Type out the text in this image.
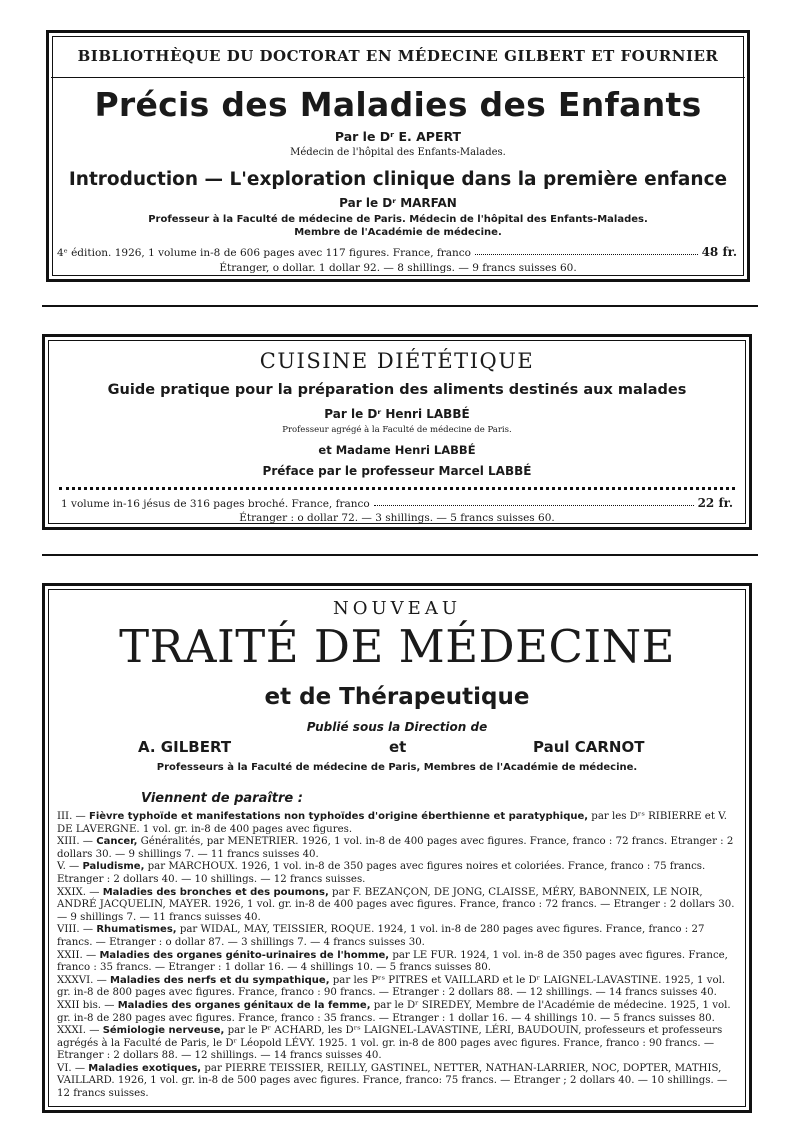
BIBLIOTHÈQUE DU DOCTORAT EN MÉDECINE GILBERT ET FOURNIER
Précis des Maladies des Enfants
Par le Dʳ E. APERT
Médecin de l'hôpital des Enfants-Malades.
Introduction — L'exploration clinique dans la première enfance
Par le Dʳ MARFAN
Professeur à la Faculté de médecine de Paris. Médecin de l'hôpital des Enfants-Malades.
Membre de l'Académie de médecine.
4ᵉ édition. 1926, 1 volume in-8 de 606 pages avec 117 figures. France, franco	48 fr.
Étranger, o dollar. 1 dollar 92. — 8 shillings. — 9 francs suisses 60.
CUISINE DIÉTÉTIQUE
Guide pratique pour la préparation des aliments destinés aux malades
Par le Dʳ Henri LABBÉ
Professeur agrégé à la Faculté de médecine de Paris.
et Madame Henri LABBÉ
Préface par le professeur Marcel LABBÉ
1 volume in-16 jésus de 316 pages broché. France, franco	22 fr.
Étranger : o dollar 72. — 3 shillings. — 5 francs suisses 60.
NOUVEAU
TRAITÉ DE MÉDECINE
et de Thérapeutique
Publié sous la Direction de
A. GILBERT	et	Paul CARNOT
Professeurs à la Faculté de médecine de Paris, Membres de l'Académie de médecine.
Viennent de paraître :

III. — Fièvre typhoïde et manifestations non typhoïdes d'origine éberthienne et paratyphique, par les Dʳˢ RIBIERRE et V. DE LAVERGNE. 1 vol. gr. in-8 de 400 pages avec figures.

XIII. — Cancer, Généralités, par MENETRIER. 1926, 1 vol. in-8 de 400 pages avec figures. France, franco : 72 francs. Etranger : 2 dollars 30. — 9 shillings 7. — 11 francs suisses 40.

V. — Paludisme, par MARCHOUX. 1926, 1 vol. in-8 de 350 pages avec figures noires et coloriées. France, franco : 75 francs. Etranger : 2 dollars 40. — 10 shillings. — 12 francs suisses.

XXIX. — Maladies des bronches et des poumons, par F. BEZANÇON, DE JONG, CLAISSE, MÉRY, BABONNEIX, LE NOIR, ANDRÉ JACQUELIN, MAYER. 1926, 1 vol. gr. in-8 de 400 pages avec figures. France, franco : 72 francs. — Etranger : 2 dollars 30. — 9 shillings 7. — 11 francs suisses 40.

VIII. — Rhumatismes, par WIDAL, MAY, TEISSIER, ROQUE. 1924, 1 vol. in-8 de 280 pages avec figures. France, franco : 27 francs. — Etranger : o dollar 87. — 3 shillings 7. — 4 francs suisses 30.

XXII. — Maladies des organes génito-urinaires de l'homme, par LE FUR. 1924, 1 vol. in-8 de 350 pages avec figures. France, franco : 35 francs. — Etranger : 1 dollar 16. — 4 shillings 10. — 5 francs suisses 80.

XXXVI. — Maladies des nerfs et du sympathique, par les Pʳˢ PITRES et VAILLARD et le Dʳ LAIGNEL-LAVASTINE. 1925, 1 vol. gr. in-8 de 800 pages avec figures. France, franco : 90 francs. — Etranger : 2 dollars 88. — 12 shillings. — 14 francs suisses 40.

XXII bis. — Maladies des organes génitaux de la femme, par le Dʳ SIREDEY, Membre de l'Académie de médecine. 1925, 1 vol. gr. in-8 de 280 pages avec figures. France, franco : 35 francs. — Etranger : 1 dollar 16. — 4 shillings 10. — 5 francs suisses 80.

XXXI. — Sémiologie nerveuse, par le Pʳ ACHARD, les Dʳˢ LAIGNEL-LAVASTINE, LÉRI, BAUDOUIN, professeurs et professeurs agrégés à la Faculté de Paris, le Dʳ Léopold LÉVY. 1925. 1 vol. gr. in-8 de 800 pages avec figures. France, franco : 90 francs. — Etranger : 2 dollars 88. — 12 shillings. — 14 francs suisses 40.

VI. — Maladies exotiques, par PIERRE TEISSIER, REILLY, GASTINEL, NETTER, NATHAN-LARRIER, NOC, DOPTER, MATHIS, VAILLARD. 1926, 1 vol. gr. in-8 de 500 pages avec figures. France, franco: 75 francs. — Etranger ; 2 dollars 40. — 10 shillings. — 12 francs suisses.
